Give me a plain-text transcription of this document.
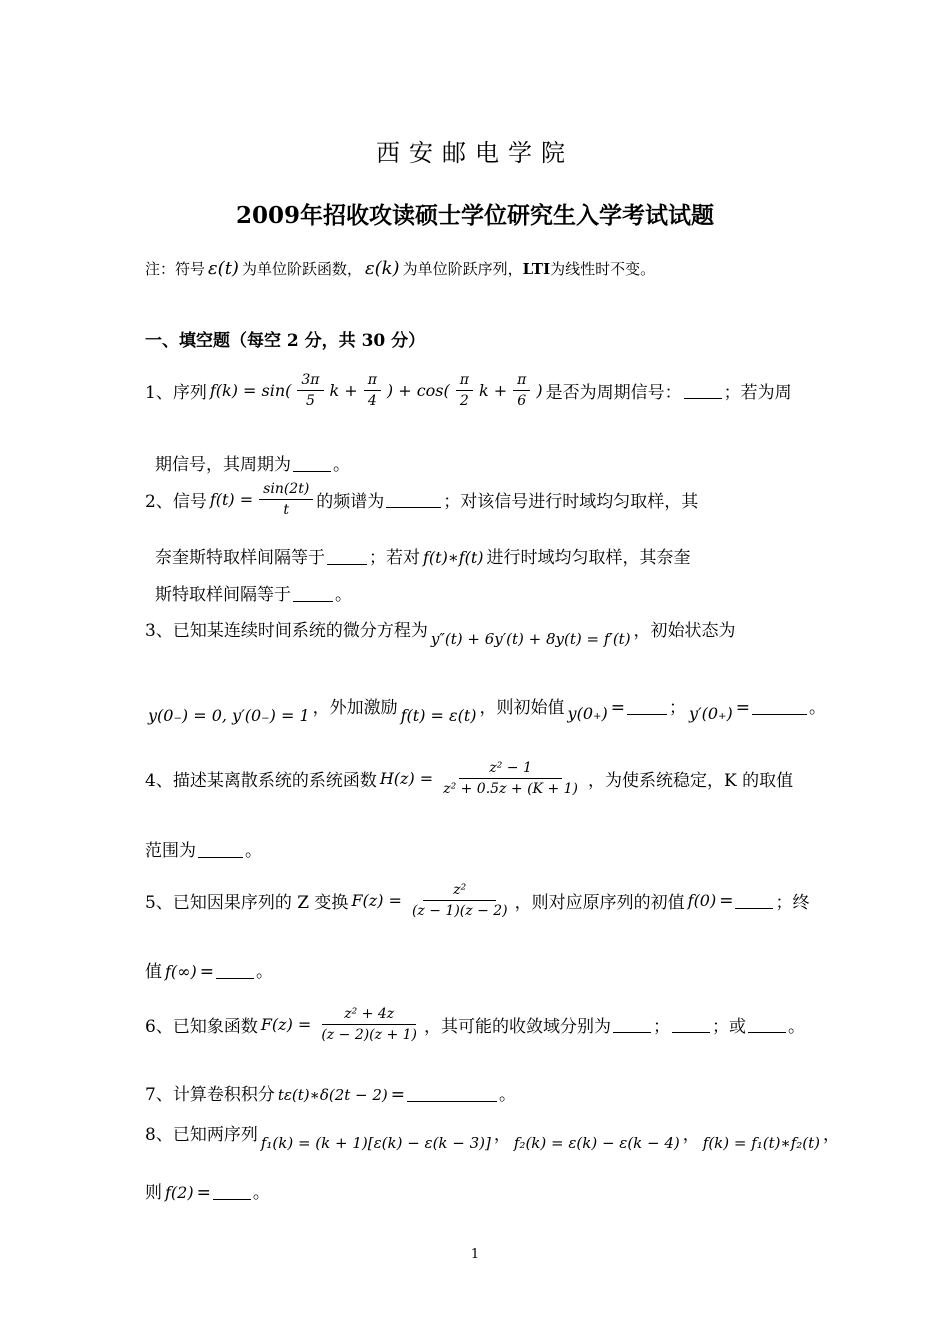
西安邮电学院
2009年招收攻读硕士学位研究生入学考试试题
注：符号 ε(t) 为单位阶跃函数， ε(k) 为单位阶跃序列，LTI为线性时不变。
一、填空题（每空 2 分，共 30 分）
1、序列 $f(k) = \sin( \frac{3\pi}{5}$ $k + \frac{\pi}{4}$ ) + $\cos( \frac{\pi}{2}$ $k + \frac{\pi}{6}$ ) 是否为周期信号： ；若为周
期信号，其周期为 。
2、信号 $f(t) = \frac{\sin(2t)}{t}$ 的频谱为	；对该信号进行时域均匀取样，其
奈奎斯特取样间隔等于	；若对 f(t)∗f(t) 进行时域均匀取样，其奈奎
斯特取样间隔等于	。
3、已知某连续时间系统的微分方程为 y″(t) + 6y′(t) + 8y(t) = f′(t) ，初始状态为
y(0₋) = 0, y′(0₋) = 1 ，外加激励 f(t) = ε(t) ，则初始值 y(0₊) =	； y′(0₊) =	。
4、描述某离散系统的系统函数 $H(z) = \frac{\text{z² − 1}}{\text{z² + 0.5z + (K + 1)}}$ ，为使系统稳定，K 的取值
范围为	。
5、已知因果序列的 Z 变换 $F(z) = \frac{\text{z²}}{(z - 1)(z - 2)}$ ，则对应原序列的初值 f(0) = ；终
值 f(∞) = 。
6、已知象函数 $F(z) = \frac{\text{z² + 4z}}{(z - 2)(z + 1)}$ ，其可能的收敛域分别为 ； ；或 。
7、计算卷积积分 tε(t)∗δ(2t − 2) =	。
8、已知两序列 f₁(k) = (k + 1)[ε(k) − ε(k − 3)] ， f₂(k) = ε(k) − ε(k − 4) ， f(k) = f₁(t)∗f₂(t) ，
则 f(2) = 。
1
